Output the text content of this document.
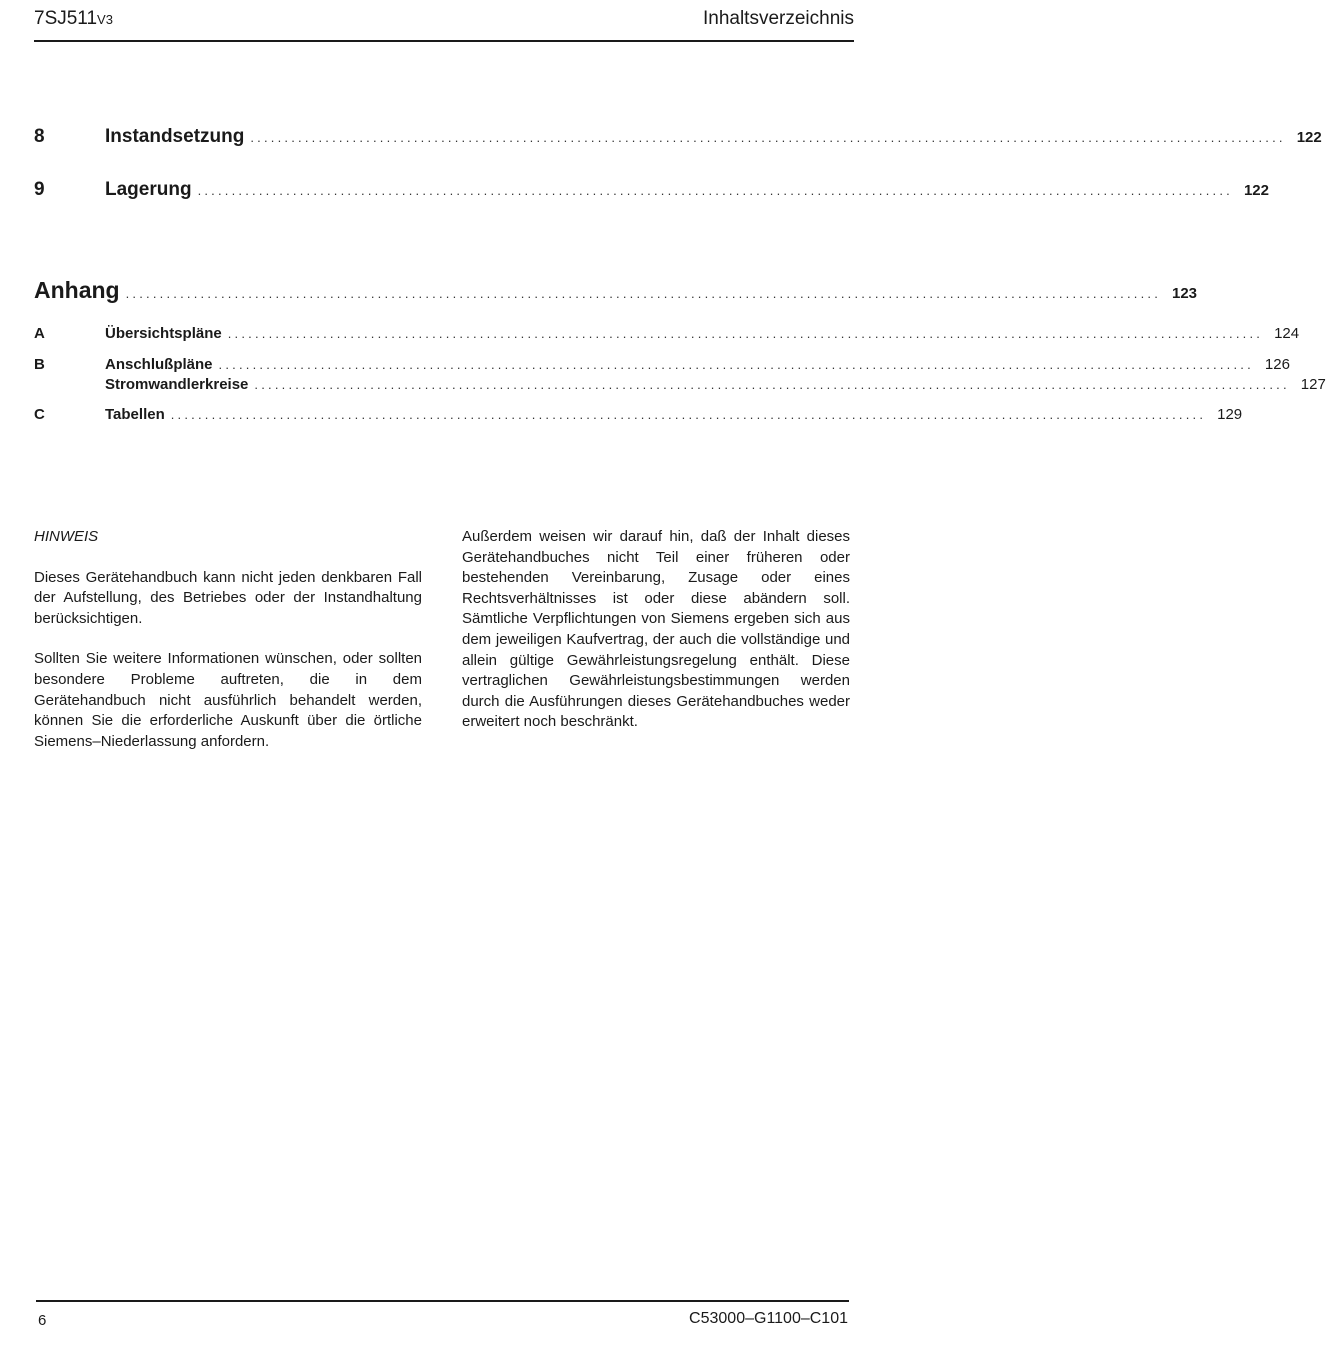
7SJ511V3	Inhaltsverzeichnis
8	Instandsetzung ........................................................................................................................................................ 122
9	Lagerung ........................................................................................................................................................ 122
Anhang ........................................................................................................................................................ 123
A	Übersichtspläne ........................................................................................................................................................ 124
B	Anschlußpläne ........................................................................................................................................................ 126
Stromwandlerkreise ........................................................................................................................................................ 127
C	Tabellen ........................................................................................................................................................ 129

HINWEIS

Dieses Gerätehandbuch kann nicht jeden denkbaren Fall der Aufstellung, des Betriebes oder der Instandhaltung berücksichtigen.

Sollten Sie weitere Informationen wünschen, oder sollten besondere Probleme auftreten, die in dem Gerätehandbuch nicht ausführlich behandelt werden, können Sie die erforderliche Auskunft über die örtliche Siemens–Niederlassung anfordern.

Außerdem weisen wir darauf hin, daß der Inhalt dieses Gerätehandbuches nicht Teil einer früheren oder bestehenden Vereinbarung, Zusage oder eines Rechtsverhältnisses ist oder diese abändern soll. Sämtliche Verpflichtungen von Siemens ergeben sich aus dem jeweiligen Kaufvertrag, der auch die vollständige und allein gültige Gewährleistungsregelung enthält. Diese vertraglichen Gewährleistungsbestimmungen werden durch die Ausführungen dieses Gerätehandbuches weder erweitert noch beschränkt.

6	C53000–G1100–C101
